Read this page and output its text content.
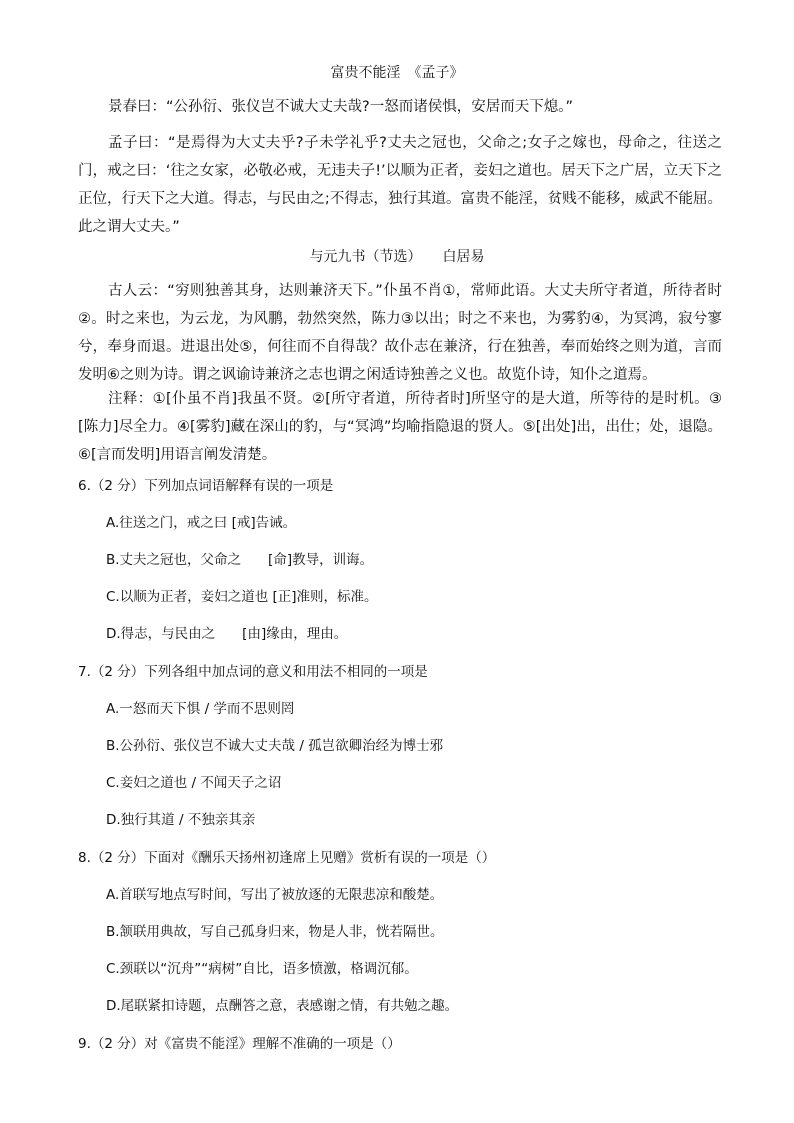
富贵不能淫　《孟子》
景春曰：“公孙衍、张仪岂不诚大丈夫哉?一怒而诸侯惧，安居而天下熄。”
孟子曰：“是焉得为大丈夫乎?子未学礼乎?丈夫之冠也，父命之;女子之嫁也，母命之，往送之门，戒之曰：‘往之女家，必敬必戒，无违夫子!’以顺为正者，妾妇之道也。居天下之广居，立天下之正位，行天下之大道。得志，与民由之;不得志，独行其道。富贵不能淫，贫贱不能移，威武不能屈。此之谓大丈夫。”
与元九书（节选）　　白居易
古人云：“穷则独善其身，达则兼济天下。”仆虽不肖①，常师此语。大丈夫所守者道，所待者时②。时之来也，为云龙，为风鹏，勃然突然，陈力③以出；时之不来也，为雾豹④，为冥鸿，寂兮寥兮，奉身而退。进退出处⑤，何往而不自得哉？故仆志在兼济，行在独善，奉而始终之则为道，言而发明⑥之则为诗。谓之讽谕诗兼济之志也谓之闲适诗独善之义也。故览仆诗，知仆之道焉。
注释：①[仆虽不肖]我虽不贤。②[所守者道，所待者时]所坚守的是大道，所等待的是时机。③[陈力]尽全力。④[雾豹]藏在深山的豹，与“冥鸿”均喻指隐退的贤人。⑤[出处]出，出仕；处，退隐。⑥[言而发明]用语言阐发清楚。
6.（2 分）下列加点词语解释有误的一项是
A.往送之门，戒之曰 [戒]告诫。
B.丈夫之冠也，父命之　　[命]教导，训诲。
C.以顺为正者，妾妇之道也 [正]准则，标准。
D.得志，与民由之　　[由]缘由，理由。
7.（2 分）下列各组中加点词的意义和用法不相同的一项是
A.一怒而天下惧 / 学而不思则罔
B.公孙衍、张仪岂不诚大丈夫哉 / 孤岂欲卿治经为博士邪
C.妾妇之道也 / 不闻天子之诏
D.独行其道 / 不独亲其亲
8.（2 分）下面对《酬乐天扬州初逢席上见赠》赏析有误的一项是（）
A.首联写地点写时间，写出了被放逐的无限悲凉和酸楚。
B.颔联用典故，写自己孤身归来，物是人非，恍若隔世。
C.颈联以“沉舟”“病树”自比，语多愤激，格调沉郁。
D.尾联紧扣诗题，点酬答之意，表感谢之情，有共勉之趣。
9.（2 分）对《富贵不能淫》理解不准确的一项是（）
